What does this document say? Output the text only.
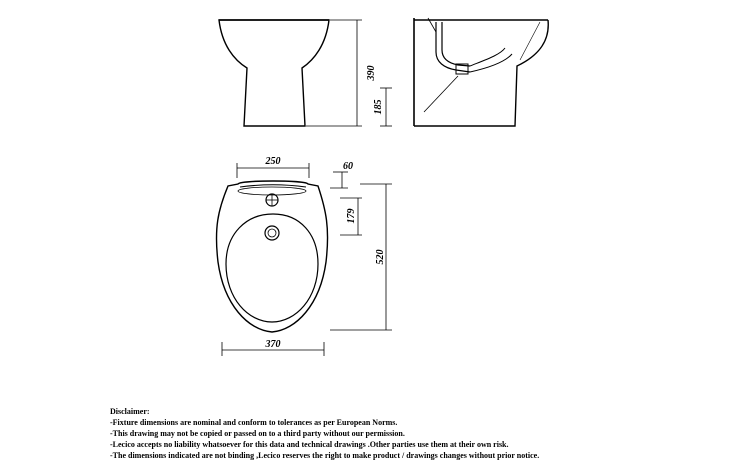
390
185
250	60
179
520
370
Disclaimer:
-Fixture dimensions are nominal and conform to tolerances as per European Norms.
-This drawing may not be copied or passed on to a third party without our permission.
-Lecico accepts no liability whatsoever for this data and technical drawings .Other parties use them at their own risk.
-The dimensions indicated are not binding ,Lecico reserves the right to make product / drawings changes without prior notice.
